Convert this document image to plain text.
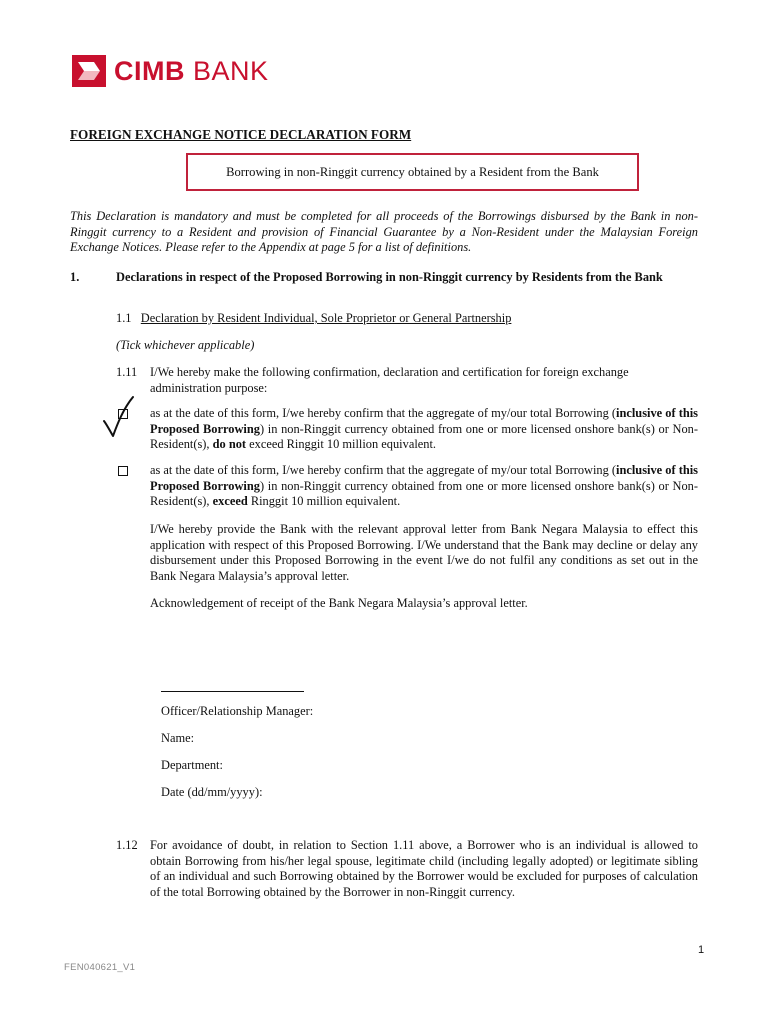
CIMB BANK
FOREIGN EXCHANGE NOTICE DECLARATION FORM
Borrowing in non-Ringgit currency obtained by a Resident from the Bank

This Declaration is mandatory and must be completed for all proceeds of the Borrowings disbursed by the Bank in non-Ringgit currency to a Resident and provision of Financial Guarantee by a Non-Resident under the Malaysian Foreign Exchange Notices. Please refer to the Appendix at page 5 for a list of definitions.

1.	Declarations in respect of the Proposed Borrowing in non-Ringgit currency by Residents from the Bank

1.1 Declaration by Resident Individual, Sole Proprietor or General Partnership
(Tick whichever applicable)
1.11 I/We hereby make the following confirmation, declaration and certification for foreign exchange administration purpose:

as at the date of this form, I/we hereby confirm that the aggregate of my/our total Borrowing (inclusive of this Proposed Borrowing) in non-Ringgit currency obtained from one or more licensed onshore bank(s) or Non-Resident(s), do not exceed Ringgit 10 million equivalent.

as at the date of this form, I/we hereby confirm that the aggregate of my/our total Borrowing (inclusive of this Proposed Borrowing) in non-Ringgit currency obtained from one or more licensed onshore bank(s) or Non-Resident(s), exceed Ringgit 10 million equivalent.

I/We hereby provide the Bank with the relevant approval letter from Bank Negara Malaysia to effect this application with respect of this Proposed Borrowing. I/We understand that the Bank may decline or delay any disbursement under this Proposed Borrowing in the event I/we do not fulfil any conditions as set out in the Bank Negara Malaysia’s approval letter.

Acknowledgement of receipt of the Bank Negara Malaysia’s approval letter.

Officer/Relationship Manager:
Name:
Department:
Date (dd/mm/yyyy):
1.12 For avoidance of doubt, in relation to Section 1.11 above, a Borrower who is an individual is allowed to obtain Borrowing from his/her legal spouse, legitimate child (including legally adopted) or legitimate sibling of an individual and such Borrowing obtained by the Borrower would be excluded for purposes of calculation of the total Borrowing obtained by the Borrower in non-Ringgit currency.

1
FEN040621_V1
